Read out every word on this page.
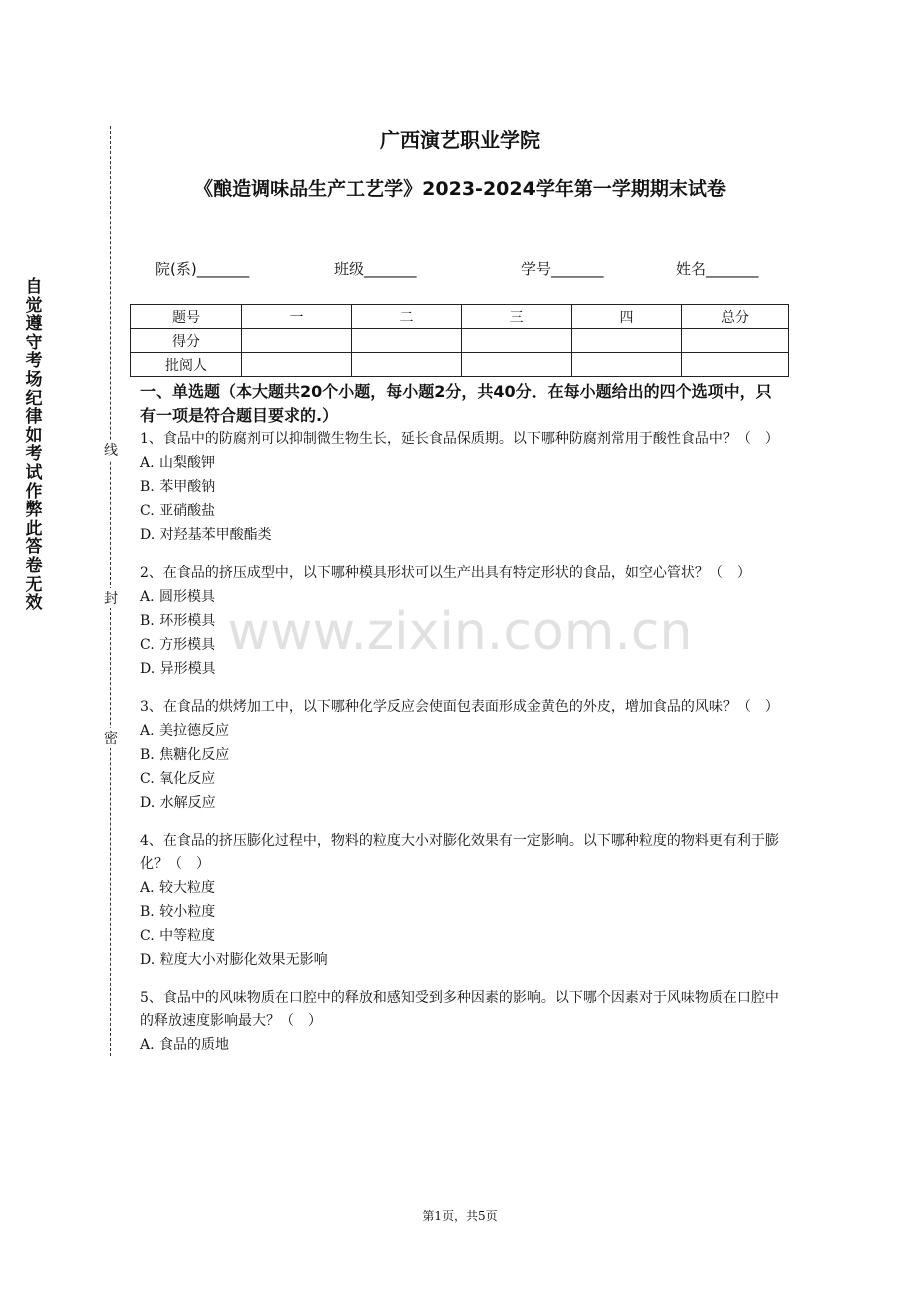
自觉遵守考场纪律如考试作弊此答卷无效
线
封
密
广西演艺职业学院
《酿造调味品生产工艺学》2023-2024学年第一学期期末试卷
院(系)_______	班级_______	学号_______	姓名_______
题号	一	二	三	四	总分
得分					
批阅人					
一、单选题（本大题共20个小题，每小题2分，共40分．在每小题给出的四个选项中，只有一项是符合题目要求的.）
1、食品中的防腐剂可以抑制微生物生长，延长食品保质期。以下哪种防腐剂常用于酸性食品中？（　）
A. 山梨酸钾
B. 苯甲酸钠
C. 亚硝酸盐
D. 对羟基苯甲酸酯类
2、在食品的挤压成型中，以下哪种模具形状可以生产出具有特定形状的食品，如空心管状？（　）
A. 圆形模具
B. 环形模具
C. 方形模具
D. 异形模具
3、在食品的烘烤加工中，以下哪种化学反应会使面包表面形成金黄色的外皮，增加食品的风味？（　）
A. 美拉德反应
B. 焦糖化反应
C. 氧化反应
D. 水解反应
4、在食品的挤压膨化过程中，物料的粒度大小对膨化效果有一定影响。以下哪种粒度的物料更有利于膨化？（　）
A. 较大粒度
B. 较小粒度
C. 中等粒度
D. 粒度大小对膨化效果无影响
5、食品中的风味物质在口腔中的释放和感知受到多种因素的影响。以下哪个因素对于风味物质在口腔中的释放速度影响最大？（　）
A. 食品的质地
www.zixin.com.cn
第1页，共5页
